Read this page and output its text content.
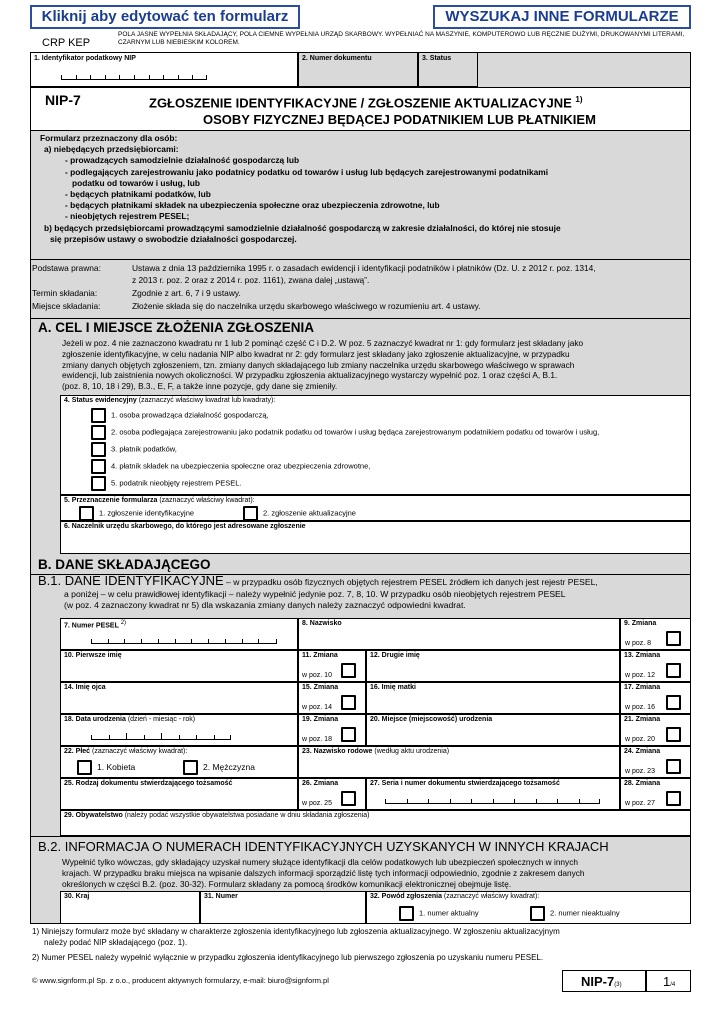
Kliknij aby edytować ten formularz	WYSZUKAJ INNE FORMULARZE
CRP KEP
POLA JASNE WYPEŁNIA SKŁADAJĄCY, POLA CIEMNE WYPEŁNIA URZĄD SKARBOWY. WYPEŁNIAĆ NA MASZYNIE, KOMPUTEROWO LUB RĘCZNIE DUŻYMI, DRUKOWANYMI LITERAMI, CZARNYM LUB NIEBIESKIM KOLOREM.
1. Identyfikator podatkowy NIP	2. Numer dokumentu	3. Status
NIP-7	ZGŁOSZENIE IDENTYFIKACYJNE / ZGŁOSZENIE AKTUALIZACYJNE $^{1)}$
OSOBY FIZYCZNEJ BĘDĄCEJ PODATNIKIEM LUB PŁATNIKIEM
Formularz przeznaczony dla osób:
a) niebędących przedsiębiorcami:
- prowadzących samodzielnie działalność gospodarczą lub
- podlegających zarejestrowaniu jako podatnicy podatku od towarów i usług lub będących zarejestrowanymi podatnikami
podatku od towarów i usług, lub
- będących płatnikami podatków, lub
- będących płatnikami składek na ubezpieczenia społeczne oraz ubezpieczenia zdrowotne, lub
- nieobjętych rejestrem PESEL;
b) będących przedsiębiorcami prowadzącymi samodzielnie działalność gospodarczą w zakresie działalności, do której nie stosuje
się przepisów ustawy o swobodzie działalności gospodarczej.
Podstawa prawna:	Ustawa z dnia 13 października 1995 r. o zasadach ewidencji i identyfikacji podatników i płatników (Dz. U. z 2012 r. poz. 1314,
z 2013 r. poz. 2 oraz z 2014 r. poz. 1161), zwana dalej „ustawą”.
Termin składania:	Zgodnie z art. 6, 7 i 9 ustawy.
Miejsce składania:	Złożenie składa się do naczelnika urzędu skarbowego właściwego w rozumieniu art. 4 ustawy.
A. CEL I MIEJSCE ZŁOŻENIA ZGŁOSZENIA
Jeżeli w poz. 4 nie zaznaczono kwadratu nr 1 lub 2 pominąć część C i D.2. W poz. 5 zaznaczyć kwadrat nr 1: gdy formularz jest składany jako
zgłoszenie identyfikacyjne, w celu nadania NIP albo kwadrat nr 2: gdy formularz jest składany jako zgłoszenie aktualizacyjne, w przypadku
zmiany danych objętych zgłoszeniem, tzn. zmiany danych składającego lub zmiany naczelnika urzędu skarbowego właściwego w sprawach
ewidencji, lub zaistnienia nowych okoliczności. W przypadku zgłoszenia aktualizacyjnego wystarczy wypełnić poz. 1 oraz części A, B.1.
(poz. 8, 10, 18 i 29), B.3., E, F, a także inne pozycje, gdy dane się zmieniły.
4. Status ewidencyjny (zaznaczyć właściwy kwadrat lub kwadraty):
1. osoba prowadząca działalność gospodarczą,
2. osoba podlegająca zarejestrowaniu jako podatnik podatku od towarów i usług będąca zarejestrowanym podatnikiem podatku od towarów i usług,
3. płatnik podatków,
4. płatnik składek na ubezpieczenia społeczne oraz ubezpieczenia zdrowotne,
5. podatnik nieobjęty rejestrem PESEL.
5. Przeznaczenie formularza (zaznaczyć właściwy kwadrat):
1. zgłoszenie identyfikacyjne	2. zgłoszenie aktualizacyjne
6. Naczelnik urzędu skarbowego, do którego jest adresowane zgłoszenie
B. DANE SKŁADAJĄCEGO
B.1. DANE IDENTYFIKACYJNE – w przypadku osób fizycznych objętych rejestrem PESEL źródłem ich danych jest rejestr PESEL,
a poniżej – w celu prawidłowej identyfikacji – należy wypełnić jedynie poz. 7, 8, 10. W przypadku osób nieobjętych rejestrem PESEL
(w poz. 4 zaznaczony kwadrat nr 5) dla wskazania zmiany danych należy zaznaczyć odpowiedni kwadrat.
7. Numer PESEL $^{2)}$	8. Nazwisko	9. Zmiana
w poz. 8
10. Pierwsze imię	11. Zmiana
w poz. 10
12. Drugie imię	13. Zmiana
w poz. 12
14. Imię ojca	15. Zmiana
w poz. 14
16. Imię matki	17. Zmiana
w poz. 16
18. Data urodzenia (dzień - miesiąc - rok)	19. Zmiana
w poz. 18
20. Miejsce (miejscowość) urodzenia	21. Zmiana
w poz. 20
22. Płeć (zaznaczyć właściwy kwadrat):
1. Kobieta	2. Mężczyzna
23. Nazwisko rodowe (według aktu urodzenia)	24. Zmiana
w poz. 23
25. Rodzaj dokumentu stwierdzającego tożsamość	26. Zmiana
w poz. 25
27. Seria i numer dokumentu stwierdzającego tożsamość	28. Zmiana
w poz. 27
29. Obywatelstwo (należy podać wszystkie obywatelstwa posiadane w dniu składania zgłoszenia)
B.2. INFORMACJA O NUMERACH IDENTYFIKACYJNYCH UZYSKANYCH W INNYCH KRAJACH
Wypełnić tylko wówczas, gdy składający uzyskał numery służące identyfikacji dla celów podatkowych lub ubezpieczeń społecznych w innych
krajach. W przypadku braku miejsca na wpisanie dalszych informacji sporządzić listę tych informacji odpowiednio, zgodnie z zakresem danych
określonych w części B.2. (poz. 30-32). Formularz składany za pomocą środków komunikacji elektronicznej obejmuje listę.
30. Kraj	31. Numer	32. Powód zgłoszenia (zaznaczyć właściwy kwadrat):
1. numer aktualny	2. numer nieaktualny
1) Niniejszy formularz może być składany w charakterze zgłoszenia identyfikacyjnego lub zgłoszenia aktualizacyjnego. W zgłoszeniu aktualizacyjnym
należy podać NIP składającego (poz. 1).
2) Numer PESEL należy wypełnić wyłącznie w przypadku zgłoszenia identyfikacyjnego lub pierwszego zgłoszenia po uzyskaniu numeru PESEL.
© www.signform.pl Sp. z o.o., producent aktywnych formularzy, e-mail: biuro@signform.pl	NIP-7(3)	1/4
